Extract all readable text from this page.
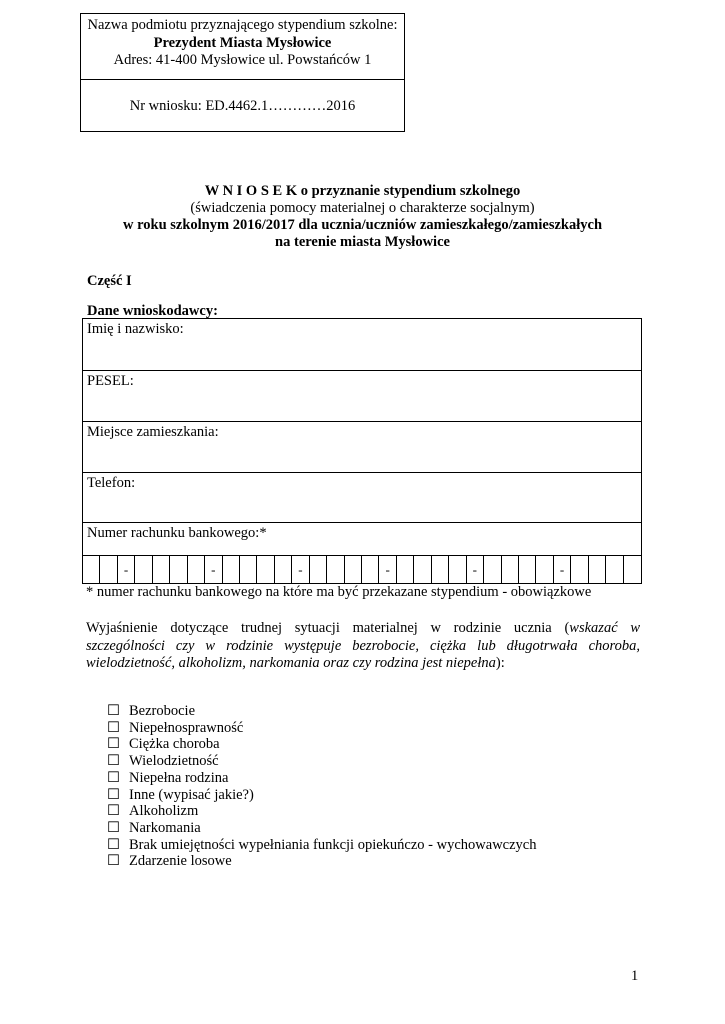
Nazwa podmiotu przyznającego stypendium szkolne:
Prezydent Miasta Mysłowice
Adres: 41-400 Mysłowice ul. Powstańców 1
Nr wniosku: ED.4462.1…………2016
W N I O S E K o przyznanie stypendium szkolnego
(świadczenia pomocy materialnej o charakterze socjalnym)
w roku szkolnym 2016/2017 dla ucznia/uczniów zamieszkałego/zamieszkałych
na terenie miasta Mysłowice
Część I
Dane wnioskodawcy:
Imię i nazwisko:
PESEL:
Miejsce zamieszkania:
Telefon:
Numer rachunku bankowego:*
-	-	-	-	-	-
* numer rachunku bankowego na które ma być przekazane stypendium - obowiązkowe
Wyjaśnienie dotyczące trudnej sytuacji materialnej w rodzinie ucznia (wskazać w szczególności czy w rodzinie występuje bezrobocie, ciężka lub długotrwała choroba, wielodzietność, alkoholizm, narkomania oraz czy rodzina jest niepełna):
☐ Bezrobocie
☐ Niepełnosprawność
☐ Ciężka choroba
☐ Wielodzietność
☐ Niepełna rodzina
☐ Inne (wypisać jakie?)
☐ Alkoholizm
☐ Narkomania
☐ Brak umiejętności wypełniania funkcji opiekuńczo - wychowawczych
☐ Zdarzenie losowe
1
